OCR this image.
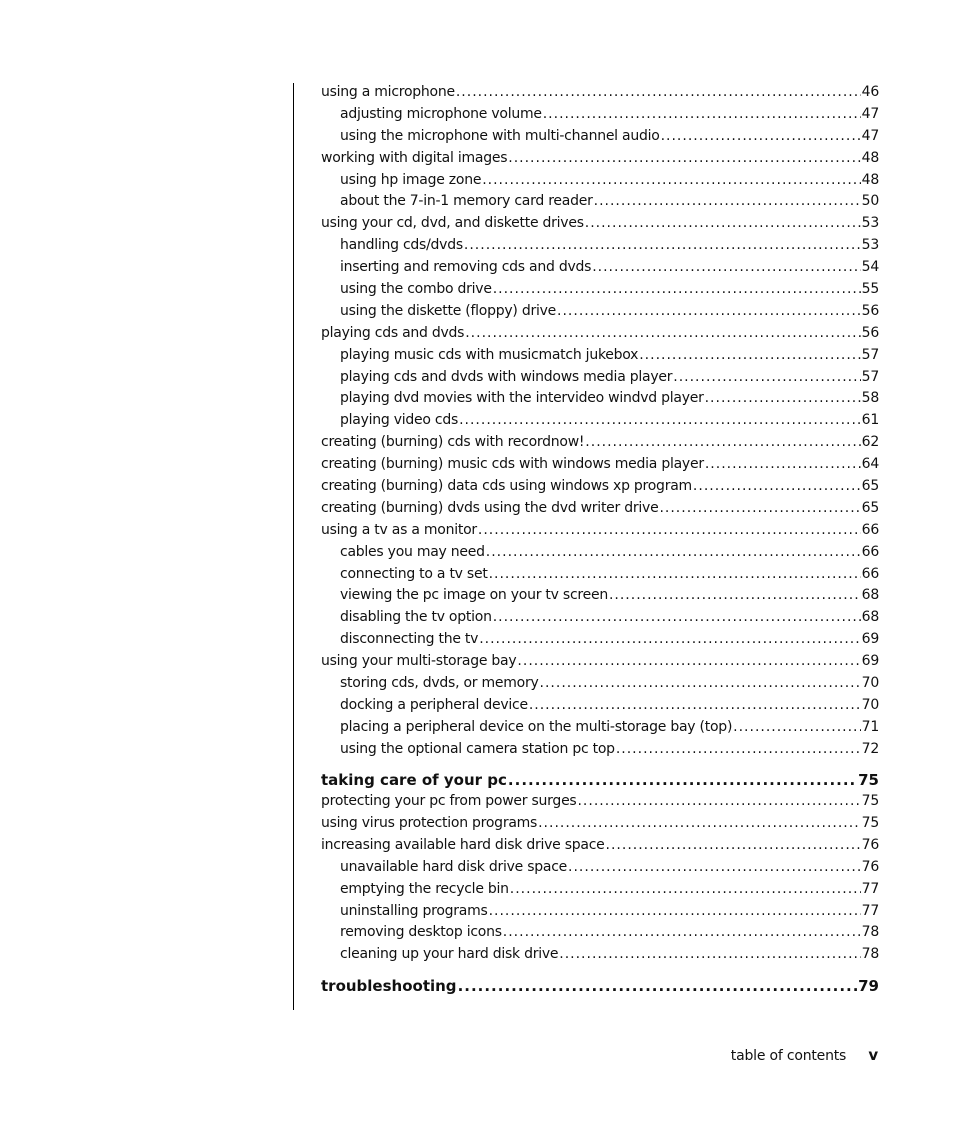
using a microphone .....	46
adjusting microphone volume .....	47
using the microphone with multi-channel audio .....	47
working with digital images .....	48
using hp image zone .....	48
about the 7-in-1 memory card reader .....	50
using your cd, dvd, and diskette drives .....	53
handling cds/dvds .....	53
inserting and removing cds and dvds .....	54
using the combo drive .....	55
using the diskette (floppy) drive .....	56
playing cds and dvds .....	56
playing music cds with musicmatch jukebox .....	57
playing cds and dvds with windows media player .....	57
playing dvd movies with the intervideo windvd player .....	58
playing video cds .....	61
creating (burning) cds with recordnow! .....	62
creating (burning) music cds with windows media player .....	64
creating (burning) data cds using windows xp program .....	65
creating (burning) dvds using the dvd writer drive .....	65
using a tv as a monitor .....	66
cables you may need .....	66
connecting to a tv set .....	66
viewing the pc image on your tv screen .....	68
disabling the tv option .....	68
disconnecting the tv .....	69
using your multi-storage bay .....	69
storing cds, dvds, or memory .....	70
docking a peripheral device .....	70
placing a peripheral device on the multi-storage bay (top) .....	71
using the optional camera station pc top .....	72
taking care of your pc .....	75
protecting your pc from power surges .....	75
using virus protection programs .....	75
increasing available hard disk drive space .....	76
unavailable hard disk drive space .....	76
emptying the recycle bin .....	77
uninstalling programs .....	77
removing desktop icons .....	78
cleaning up your hard disk drive .....	78
troubleshooting .....	79
table of contents v
